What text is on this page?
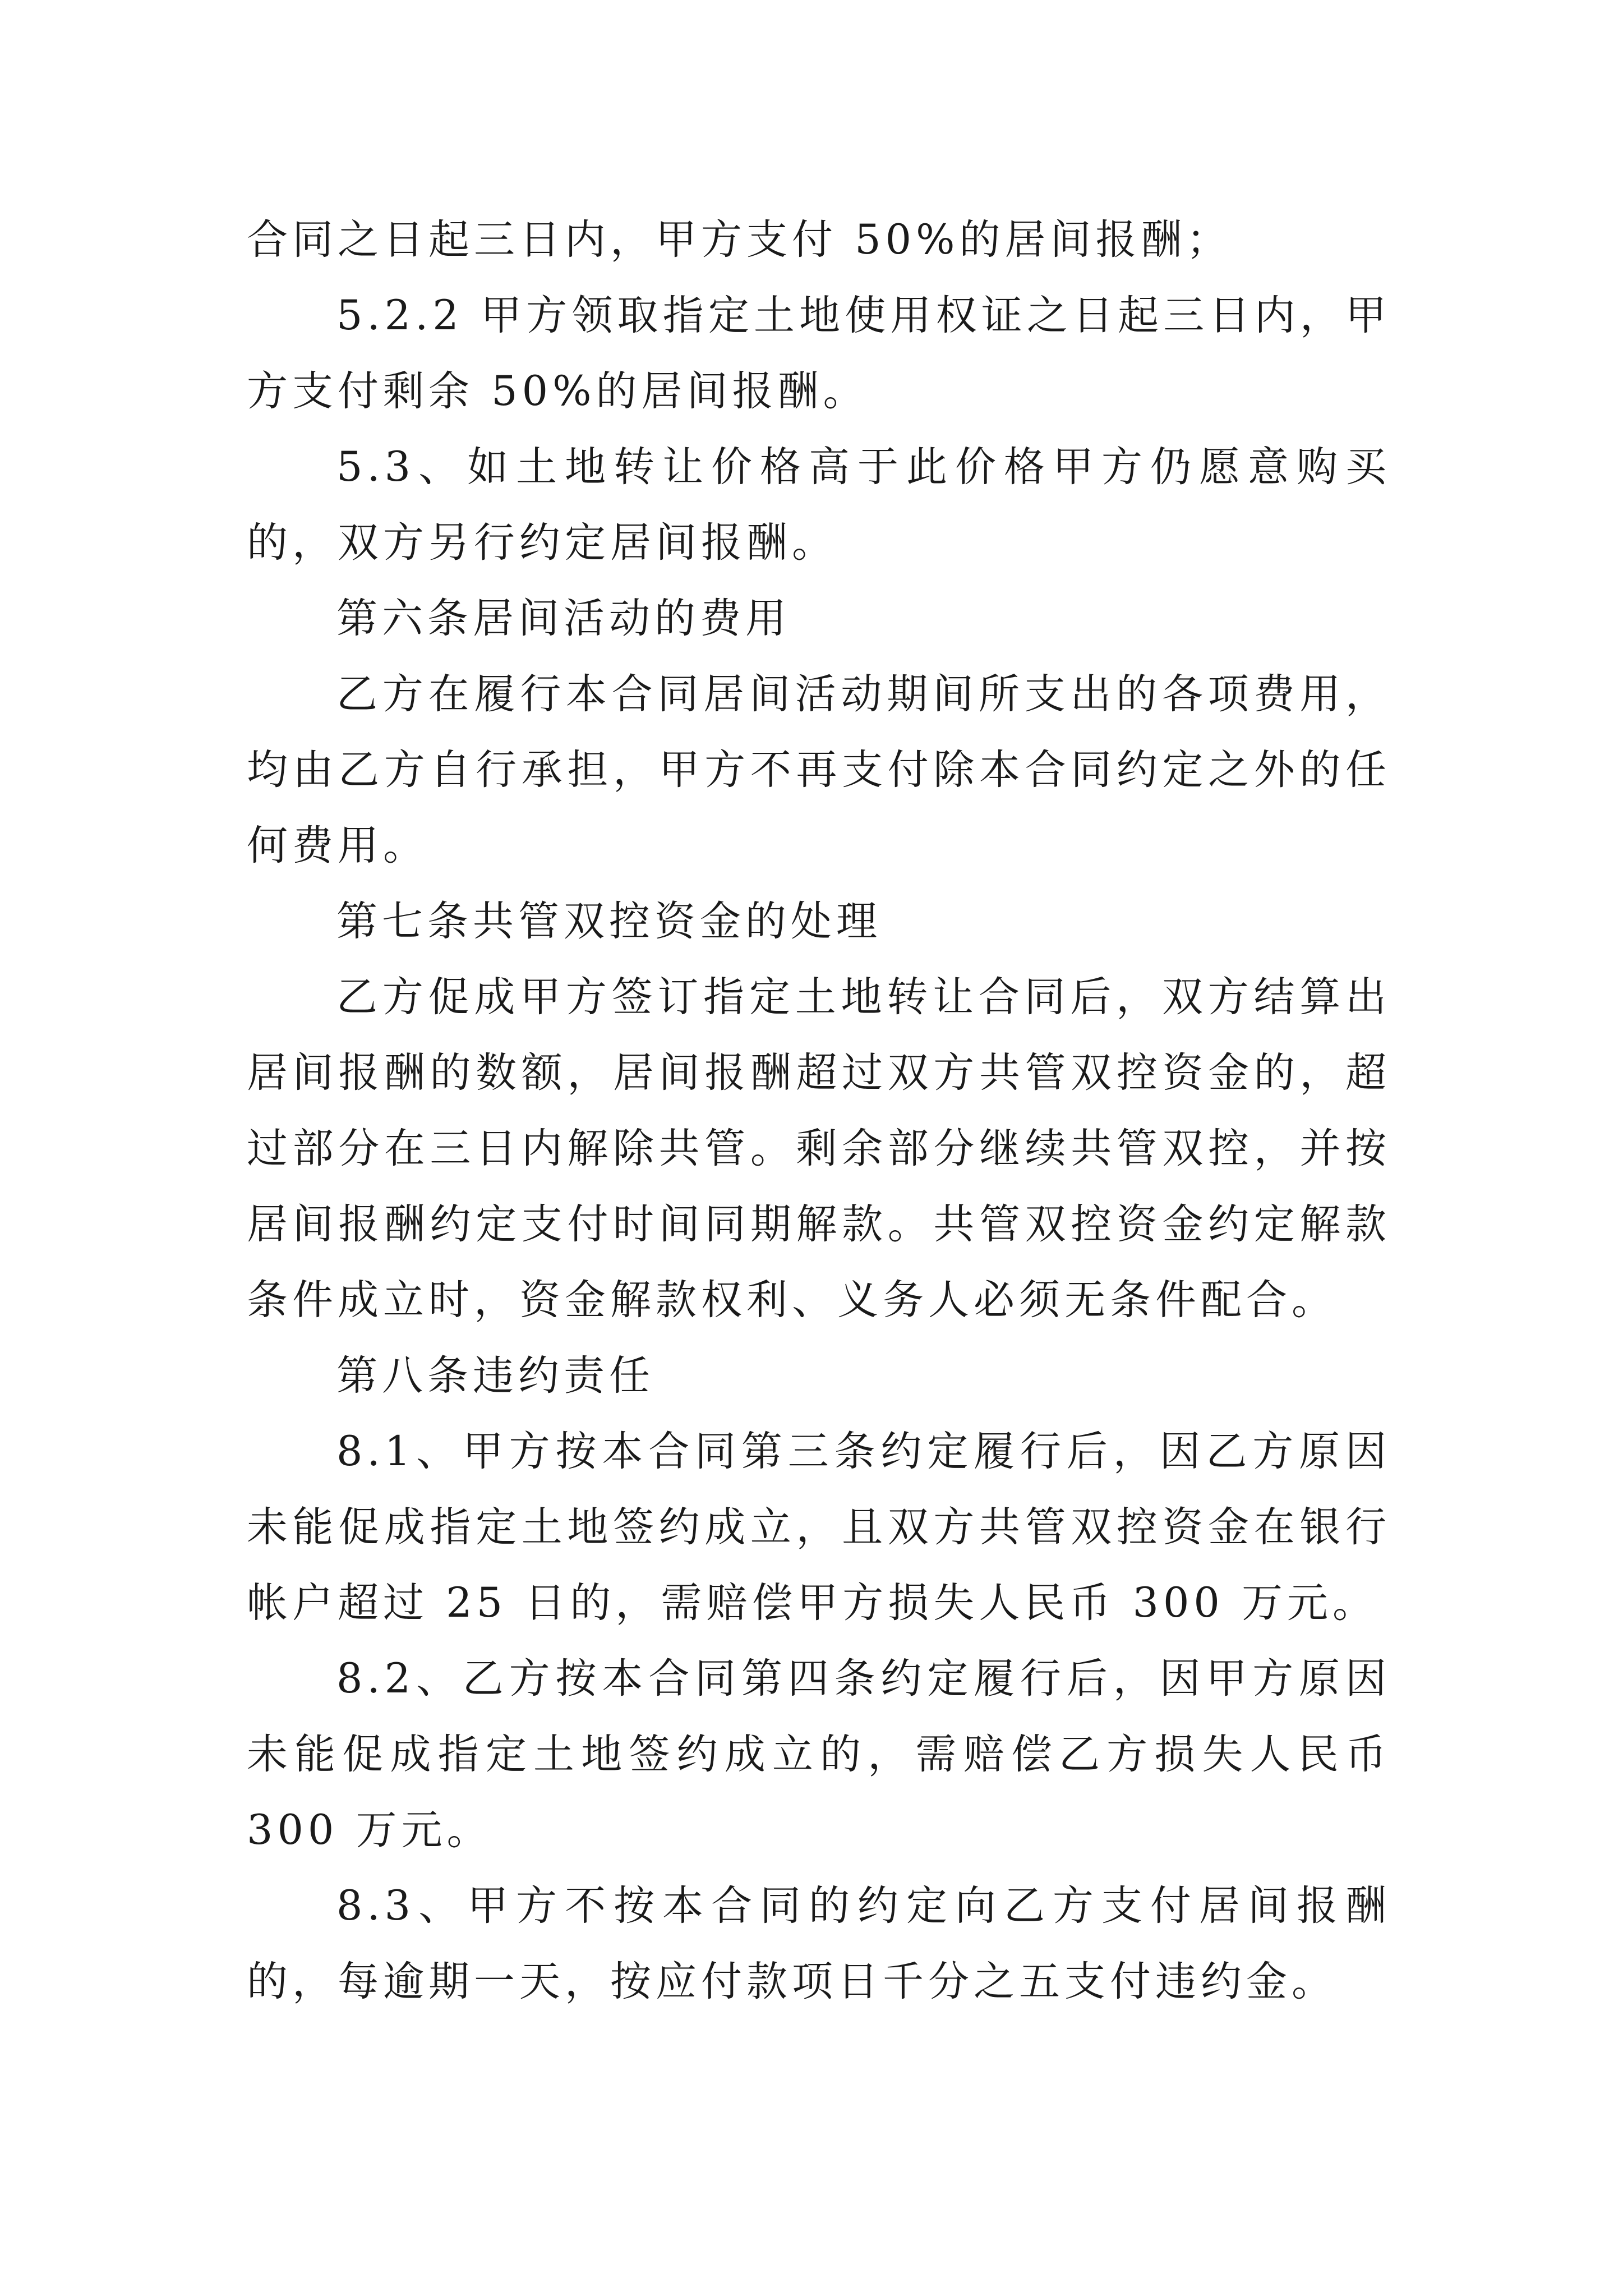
合同之日起三日内，甲方支付 50%的居间报酬；

5.2.2 甲方领取指定土地使用权证之日起三日内，甲方支付剩余 50%的居间报酬。

5.3、如土地转让价格高于此价格甲方仍愿意购买的，双方另行约定居间报酬。

第六条居间活动的费用

乙方在履行本合同居间活动期间所支出的各项费用，均由乙方自行承担，甲方不再支付除本合同约定之外的任何费用。

第七条共管双控资金的处理

乙方促成甲方签订指定土地转让合同后，双方结算出居间报酬的数额，居间报酬超过双方共管双控资金的，超过部分在三日内解除共管。剩余部分继续共管双控，并按居间报酬约定支付时间同期解款。共管双控资金约定解款条件成立时，资金解款权利、义务人必须无条件配合。

第八条违约责任

8.1、甲方按本合同第三条约定履行后，因乙方原因未能促成指定土地签约成立，且双方共管双控资金在银行帐户超过 25 日的，需赔偿甲方损失人民币 300 万元。

8.2、乙方按本合同第四条约定履行后，因甲方原因未能促成指定土地签约成立的，需赔偿乙方损失人民币 300 万元。

8.3、甲方不按本合同的约定向乙方支付居间报酬的，每逾期一天，按应付款项日千分之五支付违约金。
